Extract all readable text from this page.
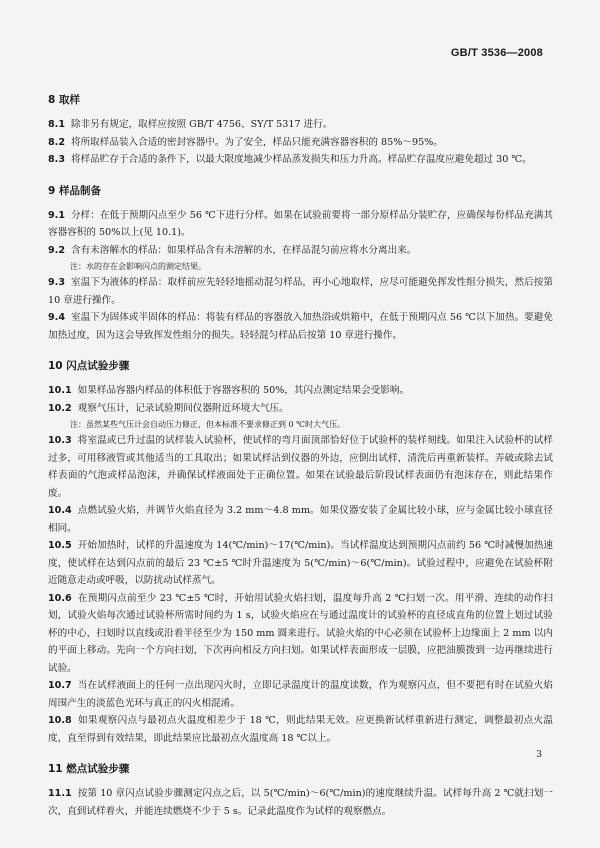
GB/T 3536—2008
8 取样

8.1 除非另有规定，取样应按照 GB/T 4756、SY/T 5317 进行。

8.2 将所取样品装入合适的密封容器中。为了安全，样品只能充满容器容积的 85%～95%。

8.3 将样品贮存于合适的条件下，以最大限度地减少样品蒸发损失和压力升高。样品贮存温度应避免超过 30 ℃。

9 样品制备

9.1 分样：在低于预期闪点至少 56 ℃下进行分样。如果在试验前要将一部分原样品分装贮存，应确保每份样品充满其容器容积的 50%以上(见 10.1)。

9.2 含有未溶解水的样品：如果样品含有未溶解的水，在样品混匀前应将水分离出来。

注：水的存在会影响闪点的测定结果。

9.3 室温下为液体的样品：取样前应先轻轻地摇动混匀样品，再小心地取样，应尽可能避免挥发性组分损失，然后按第 10 章进行操作。

9.4 室温下为固体或半固体的样品：将装有样品的容器放入加热浴或烘箱中，在低于预期闪点 56 ℃以下加热。要避免加热过度，因为这会导致挥发性组分的损失。轻轻混匀样品后按第 10 章进行操作。

10 闪点试验步骤

10.1 如果样品容器内样品的体积低于容器容积的 50%，其闪点测定结果会受影响。

10.2 观察气压计，记录试验期间仪器附近环境大气压。

注：虽然某些气压计会自动压力修正，但本标准不要求修正到 0 ℃时大气压。

10.3 将室温或已升过温的试样装入试验杯，使试样的弯月面顶部恰好位于试验杯的装样刻线。如果注入试验杯的试样过多，可用移液管或其他适当的工具取出；如果试样沾到仪器的外边，应倒出试样，清洗后再重新装样。弄破或除去试样表面的气泡或样品泡沫，并确保试样液面处于正确位置。如果在试验最后阶段试样表面仍有泡沫存在，则此结果作废。

10.4 点燃试验火焰，并调节火焰直径为 3.2 mm～4.8 mm。如果仪器安装了金属比较小球，应与金属比较小球直径相同。

10.5 开始加热时，试样的升温速度为 14(℃/min)～17(℃/min)。当试样温度达到预期闪点前约 56 ℃时减慢加热速度，使试样在达到闪点前的最后 23 ℃±5 ℃时升温速度为 5(℃/min)～6(℃/min)。试验过程中，应避免在试验杯附近随意走动或呼吸，以防扰动试样蒸气。

10.6 在预期闪点前至少 23 ℃±5 ℃时，开始用试验火焰扫划，温度每升高 2 ℃扫划一次。用平滑、连续的动作扫划，试验火焰每次通过试验杯所需时间约为 1 s，试验火焰应在与通过温度计的试验杯的直径成直角的位置上划过试验杯的中心，扫划时以直线或沿着半径至少为 150 mm 圆来进行。试验火焰的中心必须在试验杯上边缘面上 2 mm 以内的平面上移动。先向一个方向扫划，下次再向相反方向扫划。如果试样表面形成一层膜，应把油膜拨到一边再继续进行试验。

10.7 当在试样液面上的任何一点出现闪火时，立即记录温度计的温度读数，作为观察闪点，但不要把有时在试验火焰周围产生的淡蓝色光环与真正的闪火相混淆。

10.8 如果观察闪点与最初点火温度相差少于 18 ℃，则此结果无效。应更换新试样重新进行测定，调整最初点火温度，直至得到有效结果，即此结果应比最初点火温度高 18 ℃以上。

11 燃点试验步骤

11.1 按第 10 章闪点试验步骤测定闪点之后，以 5(℃/min)～6(℃/min)的速度继续升温。试样每升高 2 ℃就扫划一次，直到试样着火，并能连续燃烧不少于 5 s。记录此温度作为试样的观察燃点。

3
